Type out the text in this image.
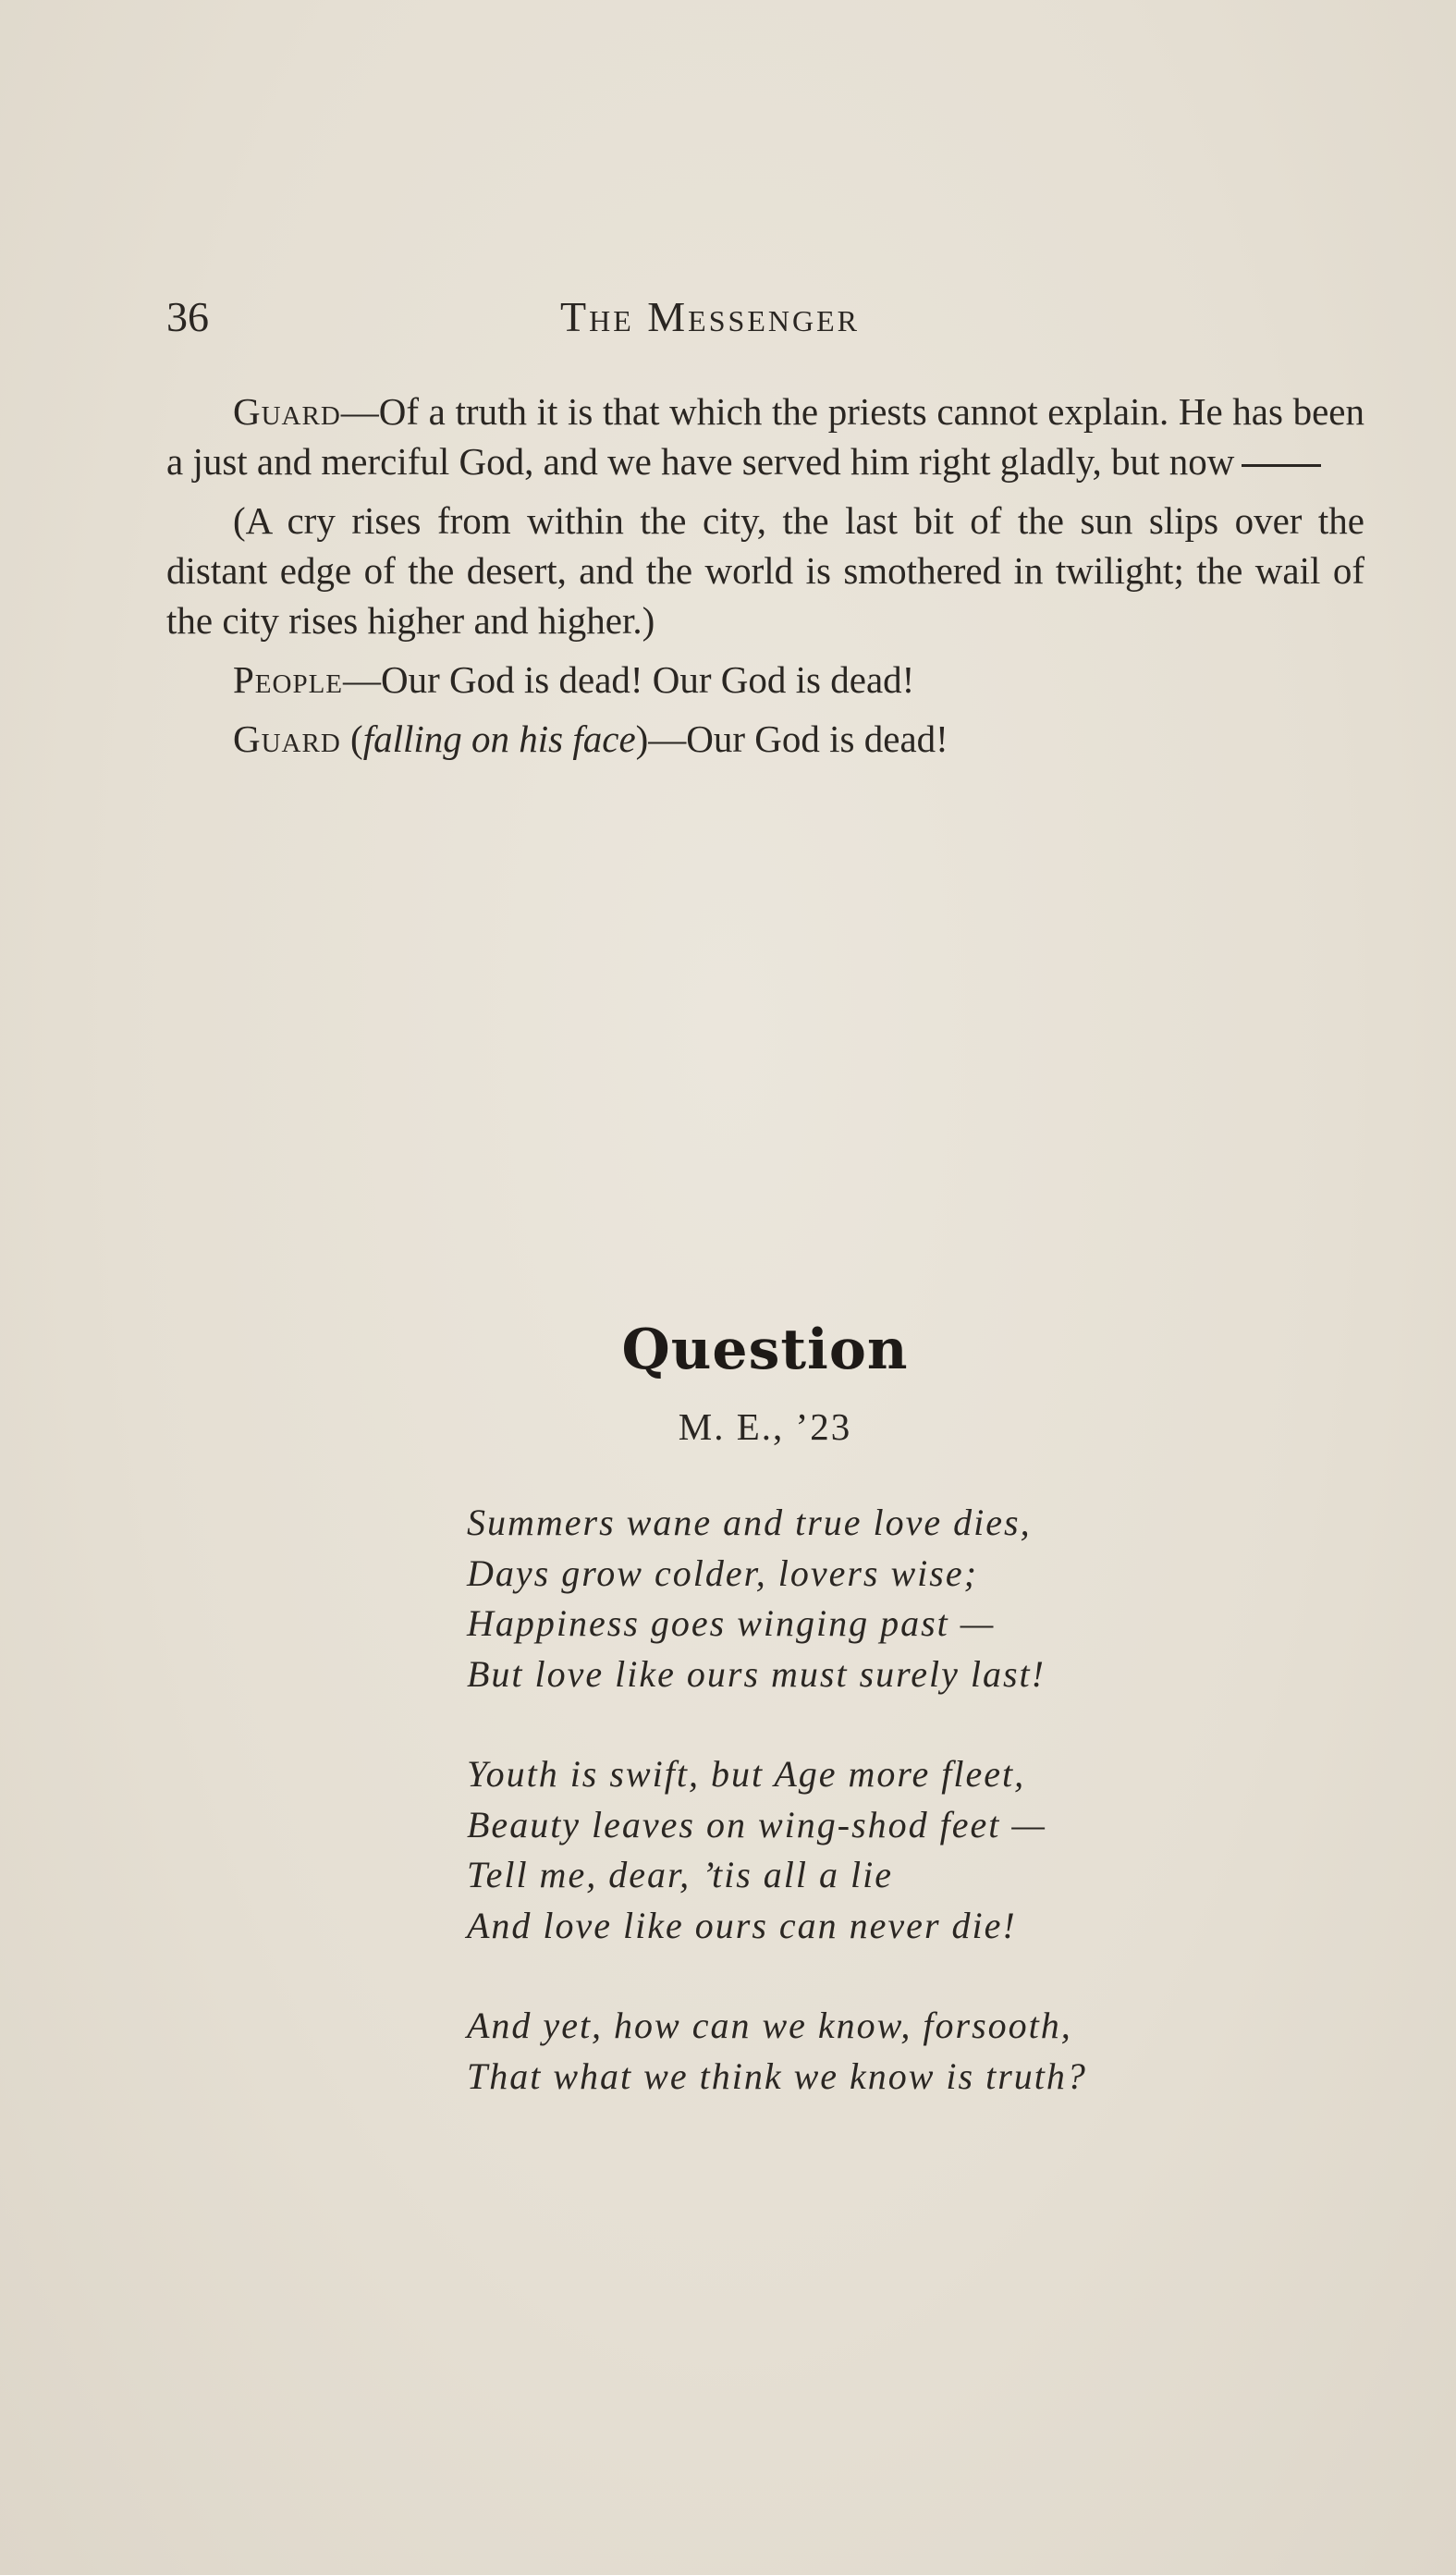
36	The Messenger

Guard—Of a truth it is that which the priests cannot explain. He has been a just and merciful God, and we have served him right gladly, but now

(A cry rises from within the city, the last bit of the sun slips over the distant edge of the desert, and the world is smothered in twilight; the wail of the city rises higher and higher.)

People—Our God is dead! Our God is dead!

Guard (falling on his face)—Our God is dead!

Question
M. E., ’23
Summers wane and true love dies,
Days grow colder, lovers wise;
Happiness goes winging past —
But love like ours must surely last!
Youth is swift, but Age more fleet,
Beauty leaves on wing-shod feet —
Tell me, dear, ’tis all a lie
And love like ours can never die!
And yet, how can we know, forsooth,
That what we think we know is truth?
